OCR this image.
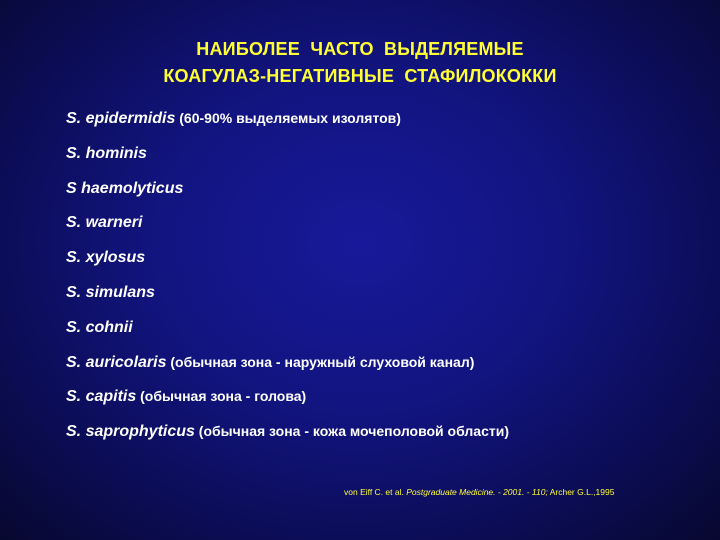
НАИБОЛЕЕ  ЧАСТО  ВЫДЕЛЯЕМЫЕ
КОАГУЛАЗ-НЕГАТИВНЫЕ  СТАФИЛОКОККИ
S. epidermidis (60-90% выделяемых изолятов)
S. hominis
S haemolyticus
S. warneri
S. xylosus
S. simulans
S. cohnii
S. auricolaris (обычная зона - наружный слуховой канал)
S. capitis (обычная зона - голова)
S. saprophyticus (обычная зона - кожа мочеполовой области)
von Eiff C. et al. Postgraduate Medicine. - 2001. - 110; Archer G.L.,1995
